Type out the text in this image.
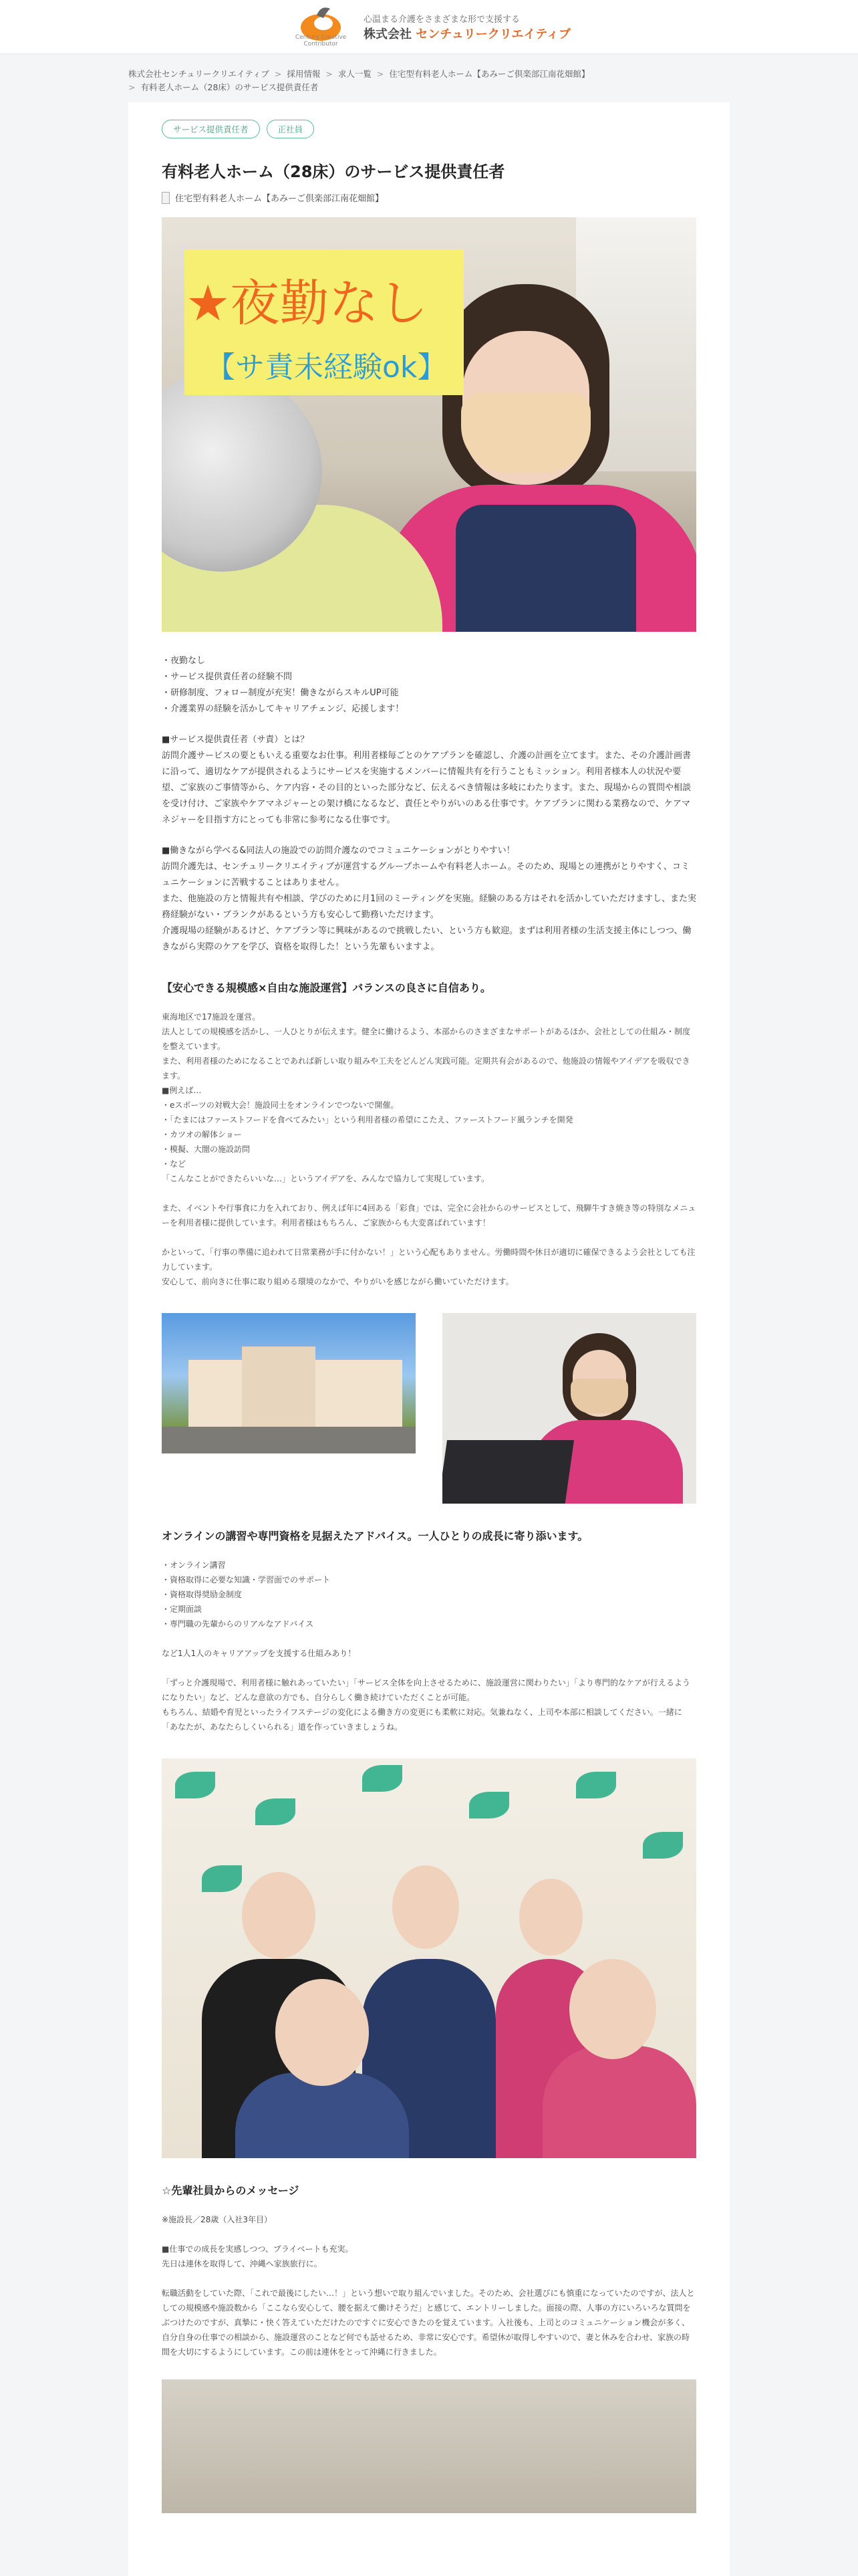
Century Creative Contributor
心温まる介護をさまざまな形で支援する
株式会社 センチュリークリエイティブ
株式会社センチュリークリエイティブ > 採用情報 > 求人一覧 > 住宅型有料老人ホーム【あみーご倶楽部江南花畑館】
> 有料老人ホーム（28床）のサービス提供責任者
サービス提供責任者	正社員
有料老人ホーム（28床）のサービス提供責任者
住宅型有料老人ホーム【あみーご倶楽部江南花畑館】
★夜勤なし
【サ責未経験ok】

・夜勤なし

・サービス提供責任者の経験不問

・研修制度、フォロー制度が充実！働きながらスキルUP可能

・介護業界の経験を活かしてキャリアチェンジ、応援します！

■サービス提供責任者（サ責）とは？

訪問介護サービスの要ともいえる重要なお仕事。利用者様毎ごとのケアプランを確認し、介護の計画を立てます。また、その介護計画書に沿って、適切なケアが提供されるようにサービスを実施するメンバーに情報共有を行うこともミッション。利用者様本人の状況や要望、ご家族のご事情等から、ケア内容・その目的といった部分など、伝えるべき情報は多岐にわたります。また、現場からの質問や相談を受け付け、ご家族やケアマネジャーとの架け橋になるなど、責任とやりがいのある仕事です。ケアプランに関わる業務なので、ケアマネジャーを目指す方にとっても非常に参考になる仕事です。

■働きながら学べる&同法人の施設での訪問介護なのでコミュニケーションがとりやすい！

訪問介護先は、センチュリークリエイティブが運営するグループホームや有料老人ホーム。そのため、現場との連携がとりやすく、コミュニケーションに苦戦することはありません。

また、他施設の方と情報共有や相談、学びのために月1回のミーティングを実施。経験のある方はそれを活かしていただけますし、また実務経験がない・ブランクがあるという方も安心して勤務いただけます。

介護現場の経験があるけど、ケアプラン等に興味があるので挑戦したい、という方も歓迎。まずは利用者様の生活支援主体にしつつ、働きながら実際のケアを学び、資格を取得した！という先輩もいますよ。

【安心できる規模感×自由な施設運営】バランスの良さに自信あり。
東海地区で17施設を運営。
法人としての規模感を活かし、一人ひとりが伝えます。健全に働けるよう、本部からのさまざまなサポートがあるほか、会社としての仕組み・制度を整えています。
また、利用者様のためになることであれば新しい取り組みや工夫をどんどん実践可能。定期共有会があるので、他施設の情報やアイデアを吸収できます。
■例えば…
・eスポーツの対戦大会！施設同士をオンラインでつないで開催。
・「たまにはファーストフードを食べてみたい」という利用者様の希望にこたえ、ファーストフード風ランチを開発
・カツオの解体ショー
・模擬、大闇の施設訪問
・など
「こんなことができたらいいな…」というアイデアを、みんなで協力して実現しています。
また、イベントや行事食に力を入れており、例えば年に4回ある「彩食」では、完全に会社からのサービスとして、飛騨牛すき焼き等の特別なメニューを利用者様に提供しています。利用者様はもちろん、ご家族からも大変喜ばれています！
かといって、「行事の準備に追われて日常業務が手に付かない！」という心配もありません。労働時間や休日が適切に確保できるよう会社としても注力しています。
安心して、前向きに仕事に取り組める環境のなかで、やりがいを感じながら働いていただけます。
オンラインの講習や専門資格を見据えたアドバイス。一人ひとりの成長に寄り添います。
・オンライン講習
・資格取得に必要な知識・学習面でのサポート
・資格取得奨励金制度
・定期面談
・専門職の先輩からのリアルなアドバイス
など1人1人のキャリアアップを支援する仕組みあり！
「ずっと介護現場で、利用者様に触れあっていたい」「サービス全体を向上させるために、施設運営に関わりたい」「より専門的なケアが行えるようになりたい」など、どんな意欲の方でも、自分らしく働き続けていただくことが可能。
もちろん、結婚や育児といったライフステージの変化による働き方の変更にも柔軟に対応。気兼ねなく、上司や本部に相談してください。一緒に「あなたが、あなたらしくいられる」道を作っていきましょうね。
☆先輩社員からのメッセージ
※施設長／28歳（入社3年目）
■仕事での成長を実感しつつ、プライベートも充実。
先日は連休を取得して、沖縄へ家族旅行に。
転職活動をしていた際、「これで最後にしたい…！」という想いで取り組んでいました。そのため、会社選びにも慎重になっていたのですが、法人としての規模感や施設数から「ここなら安心して、腰を据えて働けそうだ」と感じて、エントリーしました。面接の際、人事の方にいろいろな質問をぶつけたのですが、真摯に・快く答えていただけたのですぐに安心できたのを覚えています。入社後も、上司とのコミュニケーション機会が多く、自分自身の仕事での相談から、施設運営のことなど何でも話せるため、非常に安心です。希望休が取得しやすいので、妻と休みを合わせ、家族の時間を大切にするようにしています。この前は連休をとって沖縄に行きました。
